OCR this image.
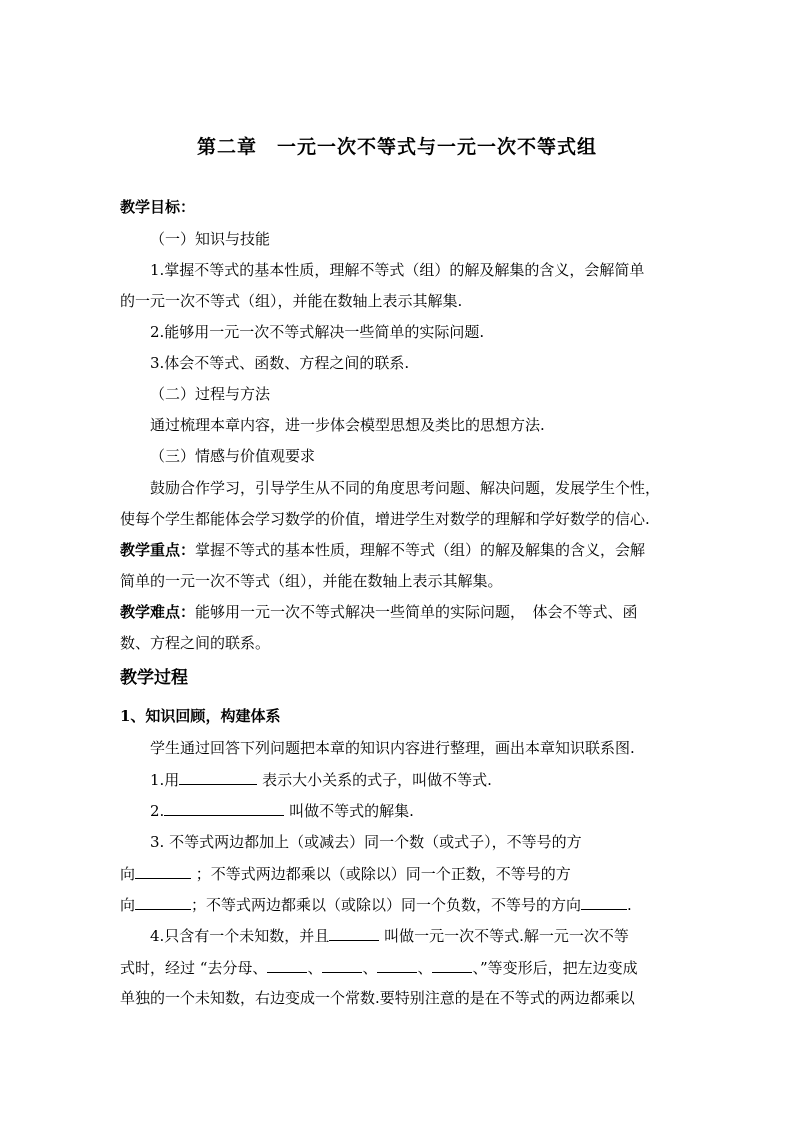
第二章　一元一次不等式与一元一次不等式组
教学目标：
（一）知识与技能
1.掌握不等式的基本性质，理解不等式（组）的解及解集的含义，会解简单
的一元一次不等式（组），并能在数轴上表示其解集.
2.能够用一元一次不等式解决一些简单的实际问题.
3.体会不等式、函数、方程之间的联系.
（二）过程与方法
通过梳理本章内容，进一步体会模型思想及类比的思想方法.
（三）情感与价值观要求
鼓励合作学习，引导学生从不同的角度思考问题、解决问题，发展学生个性，
使每个学生都能体会学习数学的价值，增进学生对数学的理解和学好数学的信心.
教学重点：掌握不等式的基本性质，理解不等式（组）的解及解集的含义，会解
简单的一元一次不等式（组），并能在数轴上表示其解集。
教学难点：能够用一元一次不等式解决一些简单的实际问题，　体会不等式、函
数、方程之间的联系。
教学过程
1、知识回顾，构建体系
学生通过回答下列问题把本章的知识内容进行整理，画出本章知识联系图.
1.用	表示大小关系的式子，叫做不等式.
2.	叫做不等式的解集.
3. 不等式两边都加上（或减去）同一个数（或式子），不等号的方
向	；不等式两边都乘以（或除以）同一个正数，不等号的方
向	；不等式两边都乘以（或除以）同一个负数，不等号的方向	.
4.只含有一个未知数，并且	叫做一元一次不等式.解一元一次不等
式时，经过 “去分母、	、	、	、	、”等变形后，把左边变成
单独的一个未知数，右边变成一个常数.要特别注意的是在不等式的两边都乘以
